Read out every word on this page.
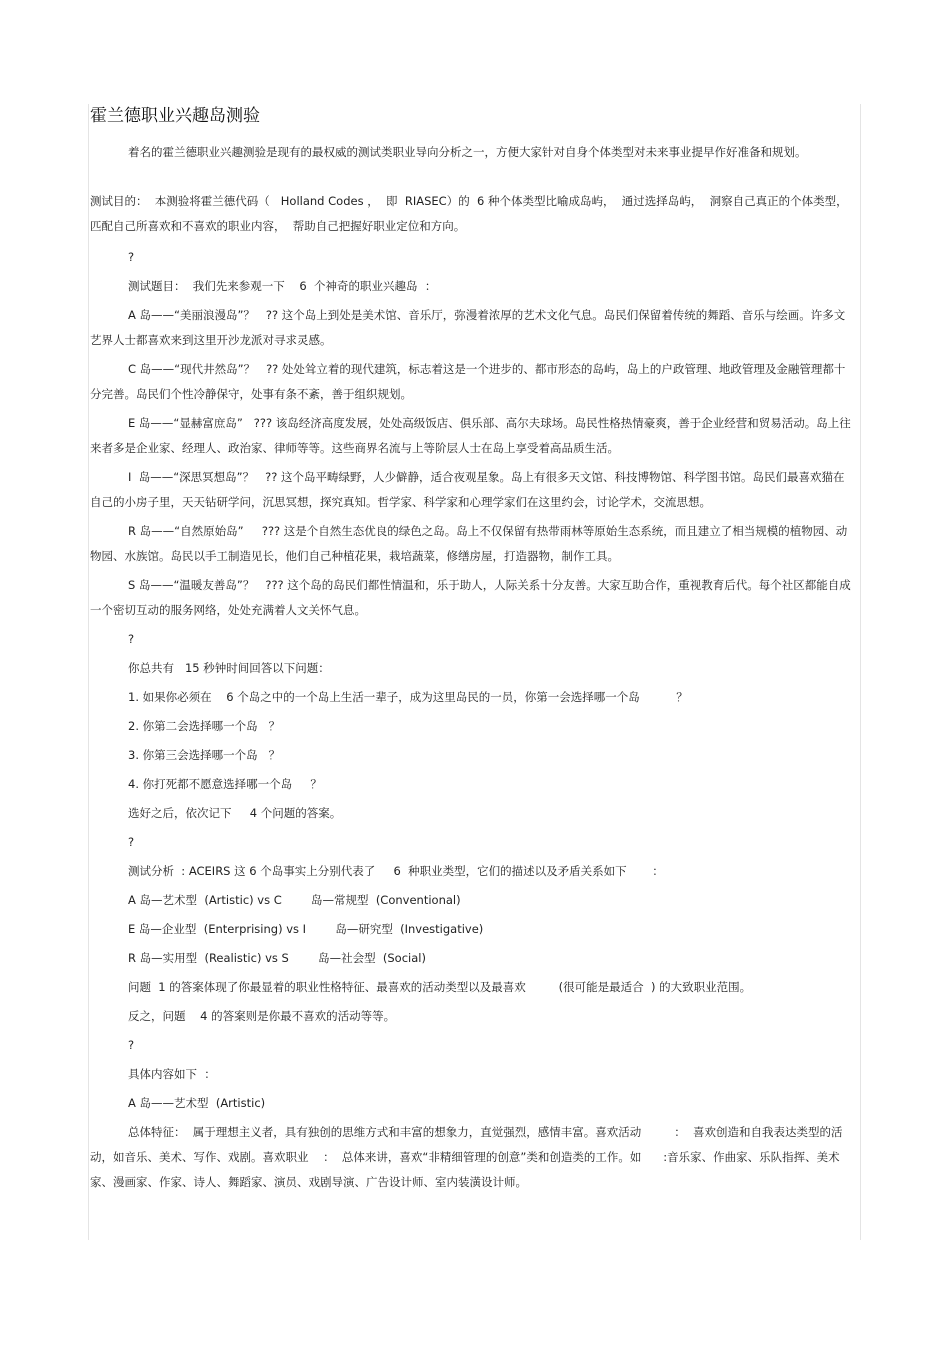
霍兰德职业兴趣岛测验

着名的霍兰德职业兴趣测验是现有的最权威的测试类职业导向分析之一，方便大家针对自身个体类型对未来事业提早作好准备和规划。

测试目的：  本测验将霍兰德代码（   Holland Codes ，  即  RIASEC）的  6 种个体类型比喻成岛屿，  通过选择岛屿，  洞察自己真正的个体类型，匹配自己所喜欢和不喜欢的职业内容，  帮助自己把握好职业定位和方向。

?

测试题目：  我们先来参观一下    6  个神奇的职业兴趣岛  ：

A 岛——“美丽浪漫岛”？   ?? 这个岛上到处是美术馆、音乐厅，弥漫着浓厚的艺术文化气息。岛民们保留着传统的舞蹈、音乐与绘画。许多文艺界人士都喜欢来到这里开沙龙派对寻求灵感。

C 岛——“现代井然岛”？   ?? 处处耸立着的现代建筑，标志着这是一个进步的、都市形态的岛屿，岛上的户政管理、地政管理及金融管理都十分完善。岛民们个性冷静保守，处事有条不紊，善于组织规划。

E 岛——“显赫富庶岛”   ??? 该岛经济高度发展，处处高级饭店、俱乐部、高尔夫球场。岛民性格热情豪爽，善于企业经营和贸易活动。岛上往来者多是企业家、经理人、政治家、律师等等。这些商界名流与上等阶层人士在岛上享受着高品质生活。

I  岛——“深思冥想岛”？   ?? 这个岛平畴绿野，人少僻静，适合夜观星象。岛上有很多天文馆、科技博物馆、科学图书馆。岛民们最喜欢猫在自己的小房子里，天天钻研学问，沉思冥想，探究真知。哲学家、科学家和心理学家们在这里约会，讨论学术，交流思想。

R 岛——“自然原始岛”     ??? 这是个自然生态优良的绿色之岛。岛上不仅保留有热带雨林等原始生态系统，而且建立了相当规模的植物园、动物园、水族馆。岛民以手工制造见长，他们自己种植花果，栽培蔬菜，修缮房屋，打造器物，制作工具。

S 岛——“温暖友善岛”？   ??? 这个岛的岛民们都性情温和，乐于助人，人际关系十分友善。大家互助合作，重视教育后代。每个社区都能自成一个密切互动的服务网络，处处充满着人文关怀气息。

?

你总共有   15 秒钟时间回答以下问题：

1. 如果你必须在    6 个岛之中的一个岛上生活一辈子，成为这里岛民的一员，你第一会选择哪一个岛          ？

2. 你第二会选择哪一个岛   ？

3. 你第三会选择哪一个岛   ？

4. 你打死都不愿意选择哪一个岛     ？

选好之后，依次记下     4 个问题的答案。

?

测试分析  : ACEIRS 这 6 个岛事实上分别代表了     6  种职业类型，它们的描述以及矛盾关系如下       ：

A 岛—艺术型  (Artistic) vs C        岛—常规型  (Conventional)

E 岛—企业型  (Enterprising) vs I        岛—研究型  (Investigative)

R 岛—实用型  (Realistic) vs S        岛—社会型  (Social)

问题  1 的答案体现了你最显着的职业性格特征、最喜欢的活动类型以及最喜欢         (很可能是最适合  ) 的大致职业范围。

反之，问题    4 的答案则是你最不喜欢的活动等等。

?

具体内容如下  ：

A 岛——艺术型  (Artistic)

总体特征：  属于理想主义者，具有独创的思维方式和丰富的想象力，直觉强烈，感情丰富。喜欢活动         ：  喜欢创造和自我表达类型的活动，如音乐、美术、写作、戏剧。喜欢职业    ：  总体来讲，喜欢“非精细管理的创意”类和创造类的工作。如      :音乐家、作曲家、乐队指挥、美术家、漫画家、作家、诗人、舞蹈家、演员、戏剧导演、广告设计师、室内装潢设计师。
